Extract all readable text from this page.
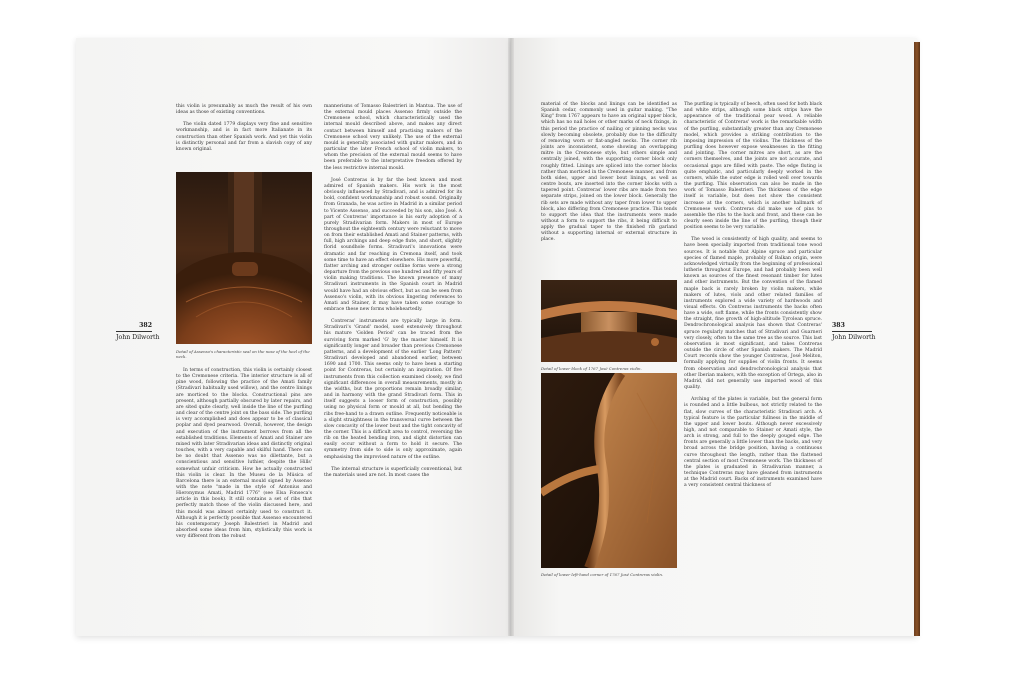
382
John Dilworth

this violin is presumably as much the result of his own ideas as those of existing conventions.

The violin dated 1779 displays very fine and sensitive workmanship, and is in fact more Italianate in its construction than other Spanish work. And yet this violin is distinctly personal and far from a slavish copy of any known original.

Detail of Assenso's characteristic seal on the nose of the heel of the neck.

In terms of construction, this violin is certainly closest to the Cremonese criteria. The interior structure is all of pine wood, following the practice of the Amati family (Stradivari habitually used willow), and the centre linings are morticed to the blocks. Constructional pins are present, although partially obscured by later repairs, and are sited quite clearly, well inside the line of the purfling and clear of the centre joint on the bass side. The purfling is very accomplished and does appear to be of classical poplar and dyed pearwood. Overall, however, the design and execution of the instrument borrows from all the established traditions. Elements of Amati and Stainer are mixed with later Stradivarian ideas and distinctly original touches, with a very capable and skilful hand. There can be no doubt that Assenso was no dilettante, but a conscientious and sensitive luthier, despite the Hills' somewhat unfair criticism. How he actually constructed this violin is clear. In the Museu de la Música of Barcelona there is an external mould signed by Assenso with the note "made in the style of Antonius and Hieronymus Amati, Madrid 1776" (see Elsa Fonseca's article in this book). It still contains a set of ribs that perfectly match those of the violin discussed here, and this mould was almost certainly used to construct it. Although it is perfectly possible that Assenso encountered his contemporary Joseph Balestrieri in Madrid and absorbed some ideas from him, stylistically this work is very different from the robust

mannerisms of Tomasso Balestrieri in Mantua. The use of the external mould places Assenso firmly outside the Cremonese school, which characteristically used the internal mould described above, and makes any direct contact between himself and practising makers of the Cremonese school very unlikely. The use of the external mould is generally associated with guitar makers, and in particular the later French school of violin makers, to whom the precision of the external mould seems to have been preferable to the interpretative freedom offered by the less restrictive internal mould.

José Contreras is by far the best known and most admired of Spanish makers. His work is the most obviously influenced by Stradivari, and is admired for its bold, confident workmanship and robust sound. Originally from Granada, he was active in Madrid in a similar period to Vicente Assenso, and succeeded by his son, also José. A part of Contreras' importance is his early adoption of a purely Stradivarian form. Makers in most of Europe throughout the eighteenth century were reluctant to move on from their established Amati and Stainer patterns, with full, high archings and deep edge flute, and short, slightly florid soundhole forms. Stradivari's innovations were dramatic and far reaching in Cremona itself, and took some time to have an effect elsewhere. His more powerful, flatter arching and stronger outline forms were a strong departure from the previous one hundred and fifty years of violin making traditions. The known presence of many Stradivari instruments in the Spanish court in Madrid would have had an obvious effect, but as can be seen from Assenso's violin, with its obvious lingering references to Amati and Stainer, it may have taken some courage to embrace these new forms wholeheartedly.

Contreras' instruments are typically large in form. Stradivari's 'Grand' model, used extensively throughout his mature 'Golden Period' can be traced from the surviving form marked 'G' by the master himself. It is significantly longer and broader than previous Cremonese patterns, and a development of the earlier 'Long Pattern' Stradivari developed and abandoned earlier, between 1690 and 1700. This seems only to have been a starting point for Contreras, but certainly an inspiration. Of five instruments from this collection examined closely, we find significant differences in overall measurements, mostly in the widths, but the proportions remain broadly similar, and in harmony with the grand Stradivari form. This in itself suggests a looser form of construction, possibly using no physical form or mould at all, but bending the ribs free-hand to a drawn outline. Frequently noticeable is a slight straightness in the transversal curve between the slow concavity of the lower bout and the tight concavity of the corner. This is a difficult area to control, reversing the rib on the heated bending iron, and slight distortion can easily occur without a form to hold it secure. The symmetry from side to side is only approximate, again emphasising the improvised nature of the outline.

The internal structure is superficially conventional, but the materials used are not. In most cases the

383
John Dilworth

material of the blocks and linings can be identified as Spanish cedar, commonly used in guitar making. "The King" from 1767 appears to have an original upper block, which has no nail holes or other marks of neck fixings, in this period the practice of nailing or pinning necks was slowly becoming obsolete, probably due to the difficulty of removing worn or flat-angled necks. The corner rib joints are inconsistent, some showing an overlapping mitre in the Cremonese style, but others simple and centrally joined, with the supporting corner block only roughly fitted. Linings are spliced into the corner blocks rather than morticed in the Cremonese manner, and from both sides, upper and lower bout linings, as well as centre bouts, are inserted into the corner blocks with a tapered point. Contreras' lower ribs are made from two separate strips, joined on the lower block. Generally the rib sets are made without any taper from lower to upper block, also differing from Cremonese practice. This tends to support the idea that the instruments were made without a form to support the ribs, it being difficult to apply the gradual taper to the finished rib garland without a supporting internal or external structure in place.

Detail of lower block of 1767 José Contreras violin.
Detail of lower left-hand corner of 1767 José Contreras violin.

The purfling is typically of beech, often used for both black and white strips, although some black strips have the appearance of the traditional pear wood. A reliable characteristic of Contreras' work is the remarkable width of the purfling, substantially greater than any Cremonese model, which provides a striking contribution to the imposing impression of the violins. The thickness of the purfling does however expose weaknesses in the fitting and jointing. The corner mitres are short, as are the corners themselves, and the joints are not accurate, and occasional gaps are filled with paste. The edge fluting is quite emphatic, and particularly deeply worked in the corners, while the outer edge is rolled well over towards the purfling. This observation can also be made in the work of Tomasso Balestrieri. The thickness of the edge itself is variable, but does not show the consistent increase at the corners, which is another hallmark of Cremonese work. Contreras did make use of pins to assemble the ribs to the back and front, and these can be clearly seen inside the line of the purfling, though their position seems to be very variable.

The wood is consistently of high quality, and seems to have been specially imported from traditional tone wood sources. It is notable that Alpine spruce and particular species of flamed maple, probably of Balkan origin, were acknowledged virtually from the beginning of professional lutherie throughout Europe, and had probably been well known as sources of the finest resonant timber for lutes and other instruments. But the convention of the flamed maple back is rarely broken by violin makers, while makers of lutes, viols and other related families of instruments explored a wide variety of hardwoods and visual effects. On Contreras instruments the backs often have a wide, soft flame, while the fronts consistently show the straight, fine growth of high-altitude Tyrolean spruce. Dendrochronological analysis has shown that Contreras' spruce regularly matches that of Stradivari and Guarneri very closely, often to the same tree as the source. This last observation is most significant, and takes Contreras outside the circle of other Spanish makers. The Madrid Court records show the younger Contreras, José Meliton, formally applying for supplies of violin fronts. It seems from observation and dendrochronological analysis that other Iberian makers, with the exception of Ortega, also in Madrid, did not generally use imported wood of this quality.

Arching of the plates is variable, but the general form is rounded and a little bulbous, not strictly related to the flat, slow curves of the characteristic Stradivari arch. A typical feature is the particular fullness in the middle of the upper and lower bouts. Although never excessively high, and not comparable to Stainer or Amati style, the arch is strong, and full to the deeply gouged edge. The fronts are generally a little lower than the backs, and very broad across the bridge position, having a continuous curve throughout the length, rather than the flattened central section of most Cremonese work. The thickness of the plates is graduated in Stradivarian manner, a technique Contreras may have gleaned from instruments at the Madrid court. Backs of instruments examined have a very consistent central thickness of
